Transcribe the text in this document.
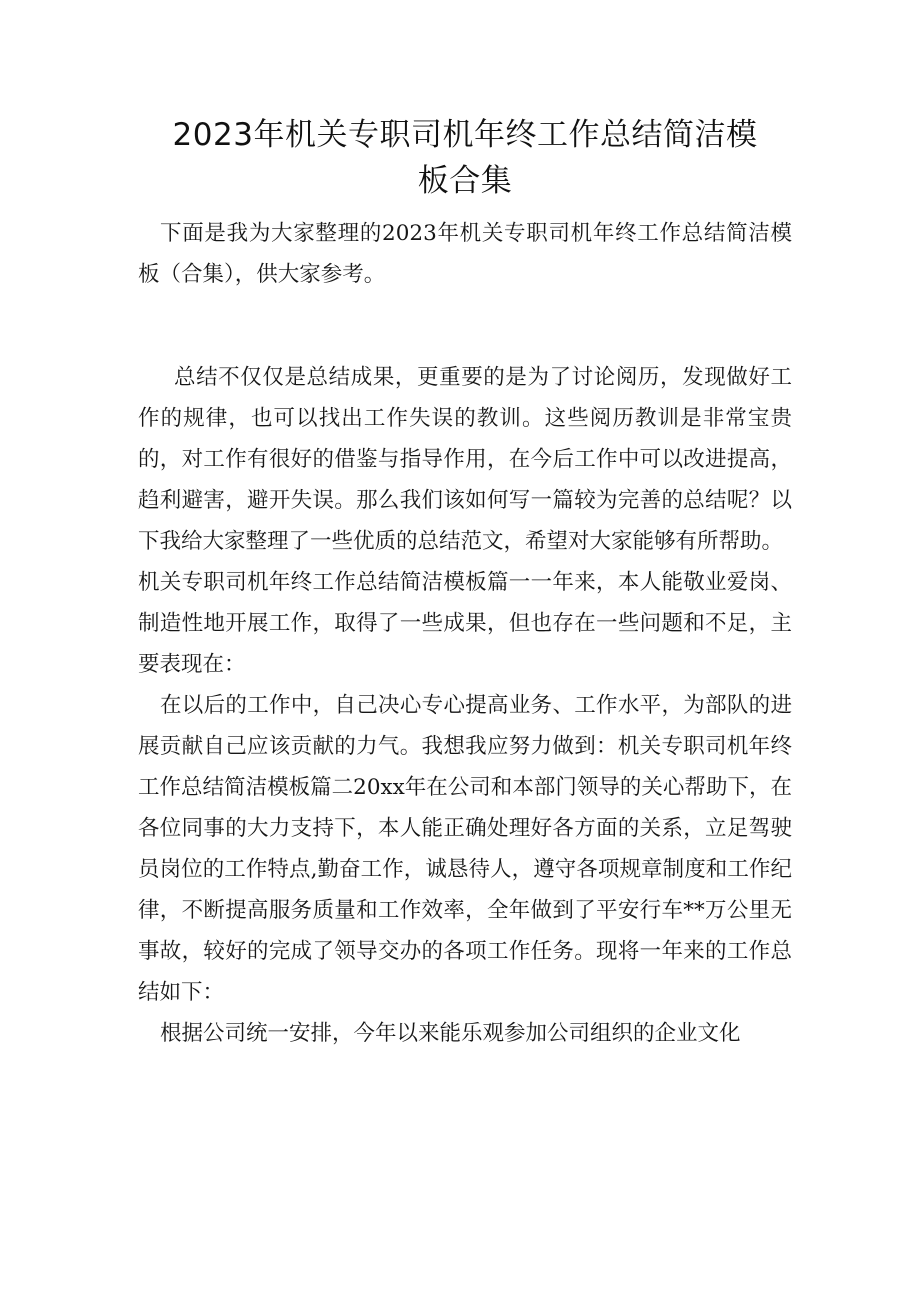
2023年机关专职司机年终工作总结简洁模
板合集

下面是我为大家整理的2023年机关专职司机年终工作总结简洁模板（合集），供大家参考。

总结不仅仅是总结成果，更重要的是为了讨论阅历，发现做好工作的规律，也可以找出工作失误的教训。这些阅历教训是非常宝贵的，对工作有很好的借鉴与指导作用，在今后工作中可以改进提高，趋利避害，避开失误。那么我们该如何写一篇较为完善的总结呢？以下我给大家整理了一些优质的总结范文，希望对大家能够有所帮助。

机关专职司机年终工作总结简洁模板篇一一年来，本人能敬业爱岗、制造性地开展工作，取得了一些成果，但也存在一些问题和不足，主要表现在：

在以后的工作中，自己决心专心提高业务、工作水平，为部队的进展贡献自己应该贡献的力气。我想我应努力做到：机关专职司机年终工作总结简洁模板篇二20xx年在公司和本部门领导的关心帮助下，在各位同事的大力支持下，本人能正确处理好各方面的关系，立足驾驶员岗位的工作特点,勤奋工作，诚恳待人，遵守各项规章制度和工作纪律，不断提高服务质量和工作效率，全年做到了平安行车**万公里无事故，较好的完成了领导交办的各项工作任务。现将一年来的工作总结如下：

根据公司统一安排，今年以来能乐观参加公司组织的企业文化
